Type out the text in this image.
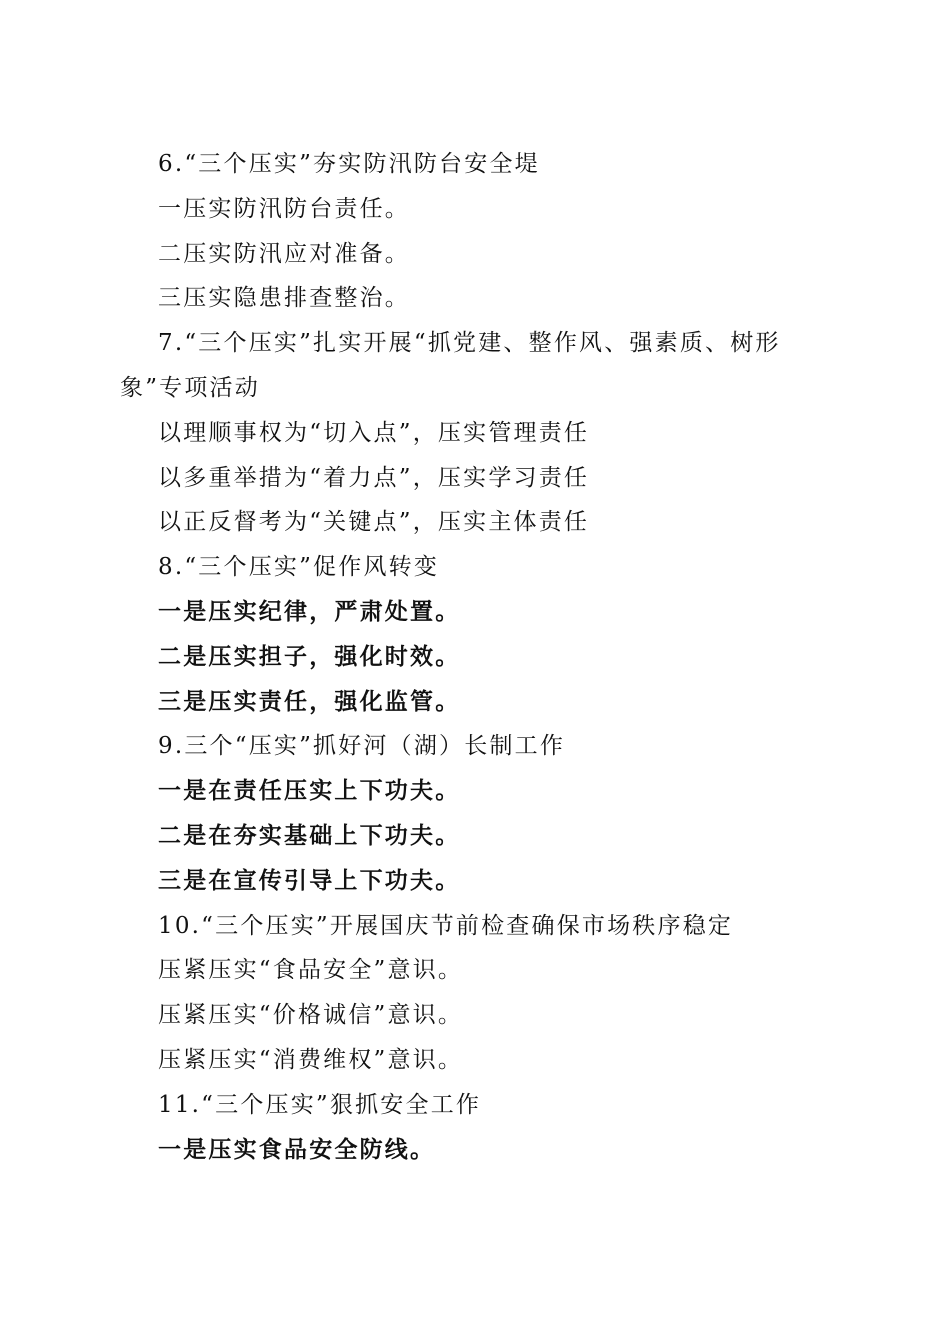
6.“三个压实”夯实防汛防台安全堤
一压实防汛防台责任。
二压实防汛应对准备。
三压实隐患排查整治。
7.“三个压实”扎实开展“抓党建、整作风、强素质、树形象”专项活动
以理顺事权为“切入点”，压实管理责任
以多重举措为“着力点”，压实学习责任
以正反督考为“关键点”，压实主体责任
8.“三个压实”促作风转变
一是压实纪律，严肃处置。
二是压实担子，强化时效。
三是压实责任，强化监管。
9.三个“压实”抓好河（湖）长制工作
一是在责任压实上下功夫。
二是在夯实基础上下功夫。
三是在宣传引导上下功夫。
10.“三个压实”开展国庆节前检查确保市场秩序稳定
压紧压实“食品安全”意识。
压紧压实“价格诚信”意识。
压紧压实“消费维权”意识。
11.“三个压实”狠抓安全工作
一是压实食品安全防线。
